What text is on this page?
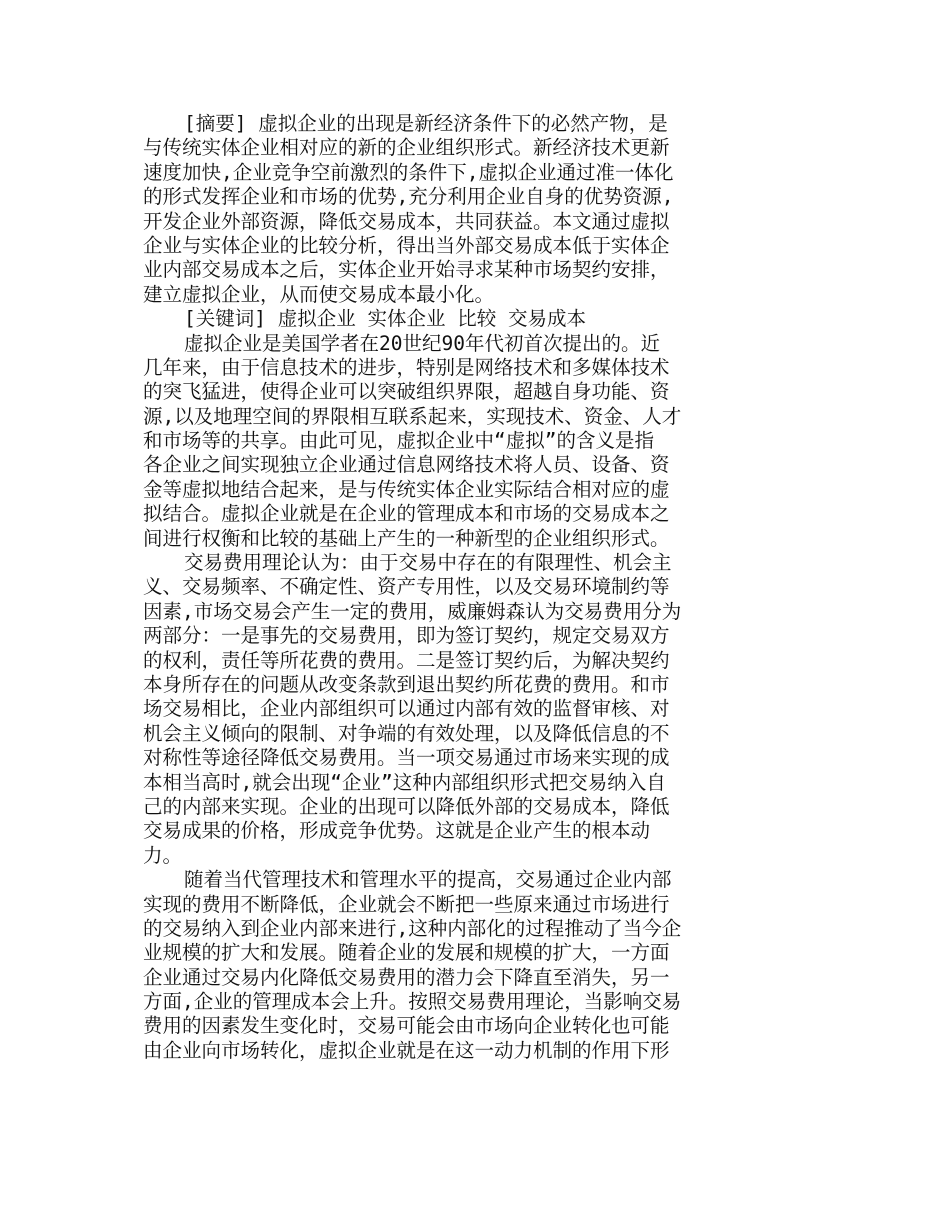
[摘要] 虚拟企业的出现是新经济条件下的必然产物，是
与传统实体企业相对应的新的企业组织形式。新经济技术更新
速度加快,企业竞争空前激烈的条件下,虚拟企业通过准一体化
的形式发挥企业和市场的优势,充分利用企业自身的优势资源,
开发企业外部资源，降低交易成本，共同获益。本文通过虚拟
企业与实体企业的比较分析，得出当外部交易成本低于实体企
业内部交易成本之后，实体企业开始寻求某种市场契约安排，
建立虚拟企业，从而使交易成本最小化。
[关键词] 虚拟企业 实体企业 比较 交易成本
虚拟企业是美国学者在20世纪90年代初首次提出的。近
几年来，由于信息技术的进步，特别是网络技术和多媒体技术
的突飞猛进，使得企业可以突破组织界限，超越自身功能、资
源,以及地理空间的界限相互联系起来，实现技术、资金、人才
和市场等的共享。由此可见，虚拟企业中“虚拟”的含义是指
各企业之间实现独立企业通过信息网络技术将人员、设备、资
金等虚拟地结合起来，是与传统实体企业实际结合相对应的虚
拟结合。虚拟企业就是在企业的管理成本和市场的交易成本之
间进行权衡和比较的基础上产生的一种新型的企业组织形式。
交易费用理论认为：由于交易中存在的有限理性、机会主
义、交易频率、不确定性、资产专用性，以及交易环境制约等
因素,市场交易会产生一定的费用，威廉姆森认为交易费用分为
两部分：一是事先的交易费用，即为签订契约，规定交易双方
的权利，责任等所花费的费用。二是签订契约后，为解决契约
本身所存在的问题从改变条款到退出契约所花费的费用。和市
场交易相比，企业内部组织可以通过内部有效的监督审核、对
机会主义倾向的限制、对争端的有效处理，以及降低信息的不
对称性等途径降低交易费用。当一项交易通过市场来实现的成
本相当高时,就会出现“企业”这种内部组织形式把交易纳入自
己的内部来实现。企业的出现可以降低外部的交易成本，降低
交易成果的价格，形成竞争优势。这就是企业产生的根本动
力。
随着当代管理技术和管理水平的提高，交易通过企业内部
实现的费用不断降低，企业就会不断把一些原来通过市场进行
的交易纳入到企业内部来进行,这种内部化的过程推动了当今企
业规模的扩大和发展。随着企业的发展和规模的扩大，一方面
企业通过交易内化降低交易费用的潜力会下降直至消失，另一
方面,企业的管理成本会上升。按照交易费用理论，当影响交易
费用的因素发生变化时，交易可能会由市场向企业转化也可能
由企业向市场转化，虚拟企业就是在这一动力机制的作用下形
